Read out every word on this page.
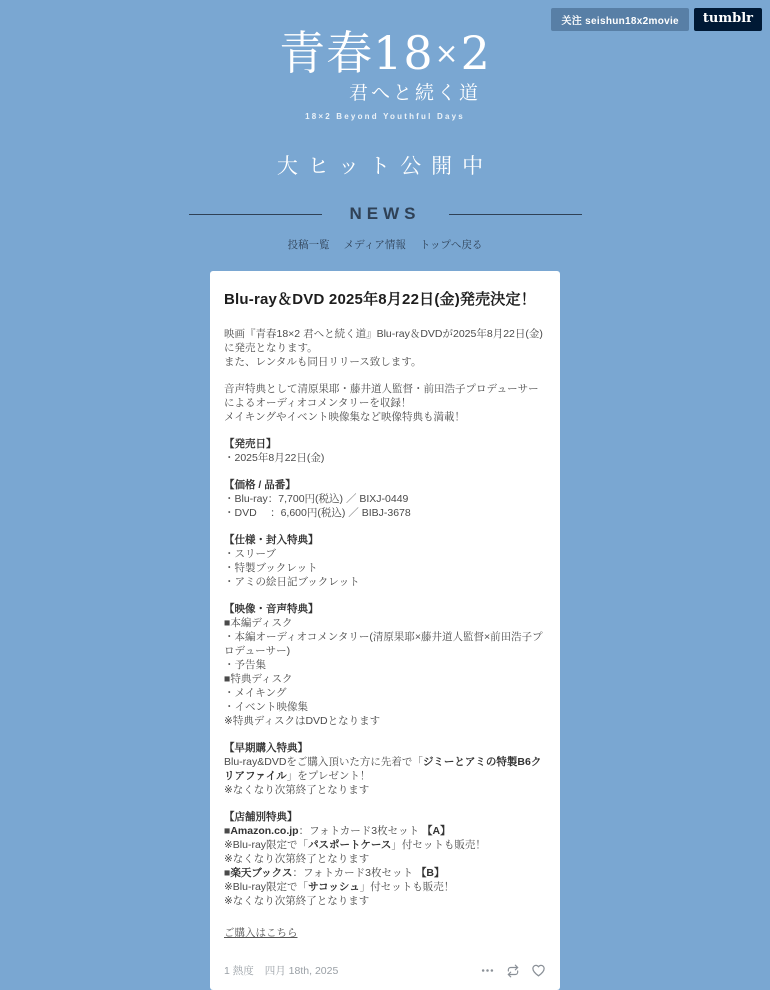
关注 seishun18x2movie	tumblr
青春18×2
君へと続く道
18×2 Beyond Youthful Days
大ヒット公開中
NEWS
投稿一覧 メディア情報 トップへ戻る
Blu-ray＆DVD 2025年8月22日(金)発売決定！
映画『青春18×2 君へと続く道』Blu-ray＆DVDが2025年8月22日(金)に発売となります。
また、レンタルも同日リリース致します。
音声特典として清原果耶・藤井道人監督・前田浩子プロデューサーによるオーディオコメンタリーを収録！
メイキングやイベント映像集など映像特典も満載！
【発売日】
・2025年8月22日(金)
【価格 / 品番】
・Blu-ray：7,700円(税込) ／ BIXJ-0449
・DVD　 ：6,600円(税込) ／ BIBJ-3678
【仕様・封入特典】
・スリーブ
・特製ブックレット
・アミの絵日記ブックレット
【映像・音声特典】
■本編ディスク
・本編オーディオコメンタリー(清原果耶×藤井道人監督×前田浩子プロデューサー)
・予告集
■特典ディスク
・メイキング
・イベント映像集
※特典ディスクはDVDとなります
【早期購入特典】
Blu-ray&DVDをご購入頂いた方に先着で「ジミーとアミの特製B6クリアファイル」をプレゼント！
※なくなり次第終了となります
【店舗別特典】
■Amazon.co.jp：フォトカード3枚セット 【A】
※Blu-ray限定で「パスポートケース」付セットも販売！
※なくなり次第終了となります
■楽天ブックス：フォトカード3枚セット 【B】
※Blu-ray限定で「サコッシュ」付セットも販売！
※なくなり次第終了となります
ご購入はこちら
1 熱度 四月 18th, 2025
